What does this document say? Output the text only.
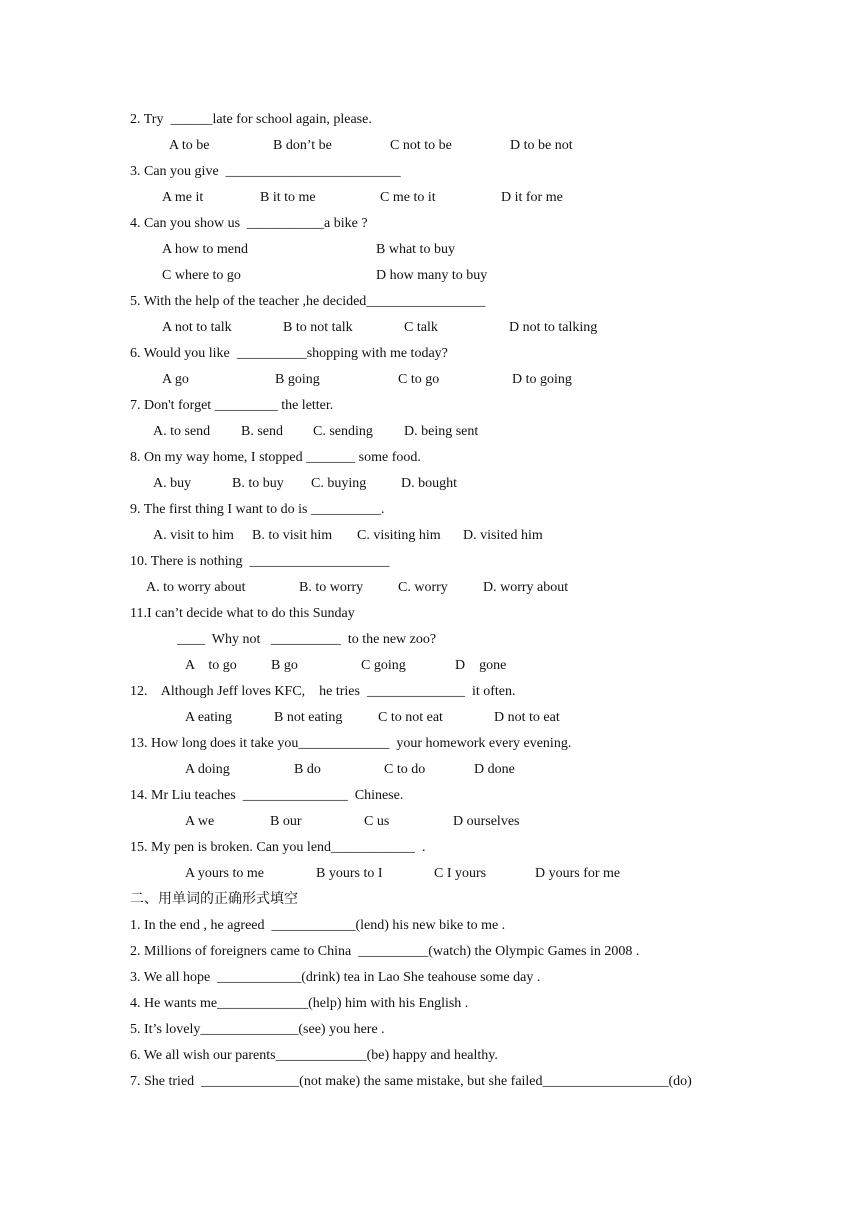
2. Try  ______late for school again, please.
A to be	B don’t be	C not to be	D to be not
3. Can you give  _________________________
A me it	B it to me	C me to it	D it for me
4. Can you show us  ___________a bike ?
A how to mend	B what to buy
C where to go	D how many to buy
5. With the help of the teacher ,he decided_________________
A not to talk	B to not talk	C talk	D not to talking
6. Would you like  __________shopping with me today?
A go	B going	C to go	D to going
7. Don't forget _________ the letter.
A. to send B. send C. sending D. being sent
8. On my way home, I stopped _______ some food.
A. buy	B. to buy C. buying D. bought
9. The first thing I want to do is __________.
A. visit to him B. to visit him C. visiting him D. visited him
10. There is nothing  ____________________
A. to worry about	B. to worry C. worry	D. worry about
11.I can’t decide what to do this Sunday
____  Why not   __________  to the new zoo?
A    to go B go	C going	D    gone
12.    Although Jeff loves KFC,    he tries  ______________  it often.
A eating	B not eating	C to not eat	D not to eat
13. How long does it take you_____________  your homework every evening.
A doing	B do	C to do	D done
14. Mr Liu teaches  _______________  Chinese.
A we	B our	C us	D ourselves
15. My pen is broken. Can you lend____________  .
A yours to me	B yours to I	C I yours	D yours for me
二、用单词的正确形式填空
1. In the end , he agreed  ____________(lend) his new bike to me .
2. Millions of foreigners came to China  __________(watch) the Olympic Games in 2008 .
3. We all hope  ____________(drink) tea in Lao She teahouse some day .
4. He wants me_____________(help) him with his English .
5. It’s lovely______________(see) you here .
6. We all wish our parents_____________(be) happy and healthy.
7. She tried  ______________(not make) the same mistake, but she failed__________________(do)
